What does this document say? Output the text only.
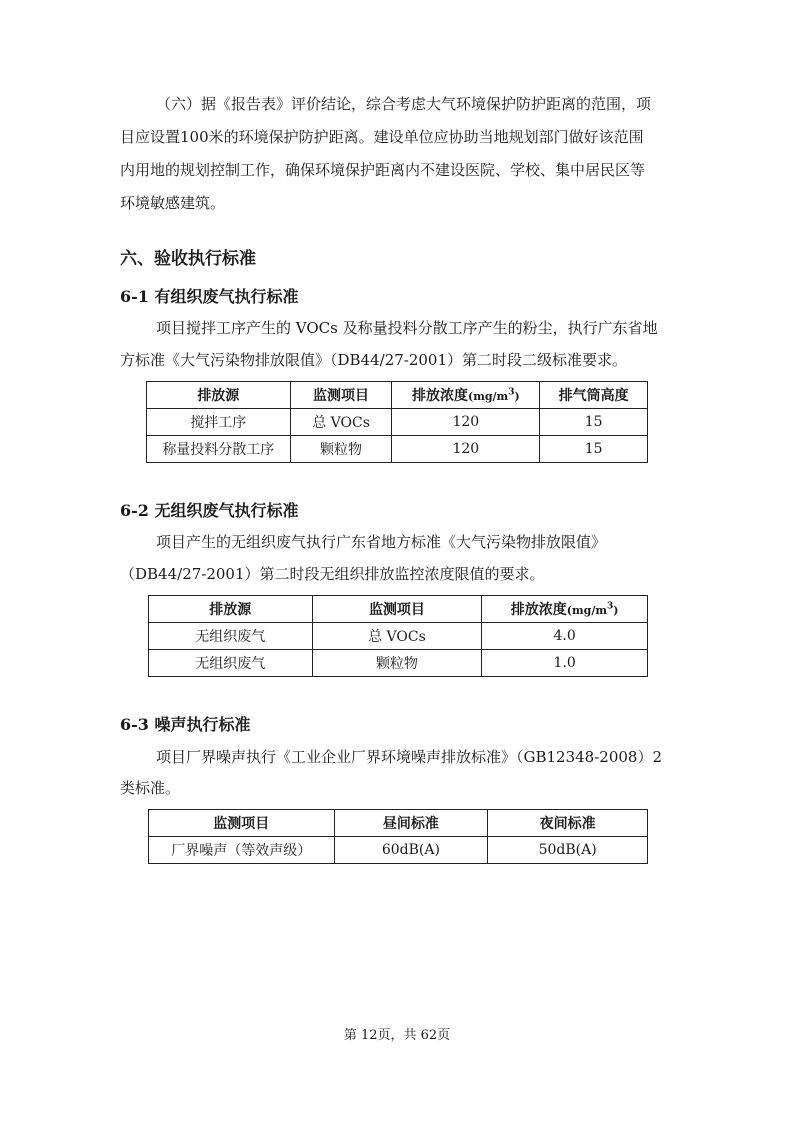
（六）据《报告表》评价结论，综合考虑大气环境保护防护距离的范围，项

目应设置100米的环境保护防护距离。建设单位应协助当地规划部门做好该范围

内用地的规划控制工作，确保环境保护距离内不建设医院、学校、集中居民区等

环境敏感建筑。

六、验收执行标准
6-1 有组织废气执行标准

项目搅拌工序产生的 VOCs 及称量投料分散工序产生的粉尘，执行广东省地

方标准《大气污染物排放限值》（DB44/27-2001）第二时段二级标准要求。

排放源	监测项目	排放浓度$(mg/m^3)$	排气筒高度
搅拌工序	总 VOCs	120	15
称量投料分散工序	颗粒物	120	15
6-2 无组织废气执行标准

项目产生的无组织废气执行广东省地方标准《大气污染物排放限值》

（DB44/27-2001）第二时段无组织排放监控浓度限值的要求。

排放源	监测项目	排放浓度$(mg/m^3)$
无组织废气	总 VOCs	4.0
无组织废气	颗粒物	1.0
6-3 噪声执行标准

项目厂界噪声执行《工业企业厂界环境噪声排放标准》（GB12348-2008）2

类标准。

监测项目	昼间标准	夜间标准
厂界噪声（等效声级）	60dB(A)	50dB(A)
第 12页，共 62页
